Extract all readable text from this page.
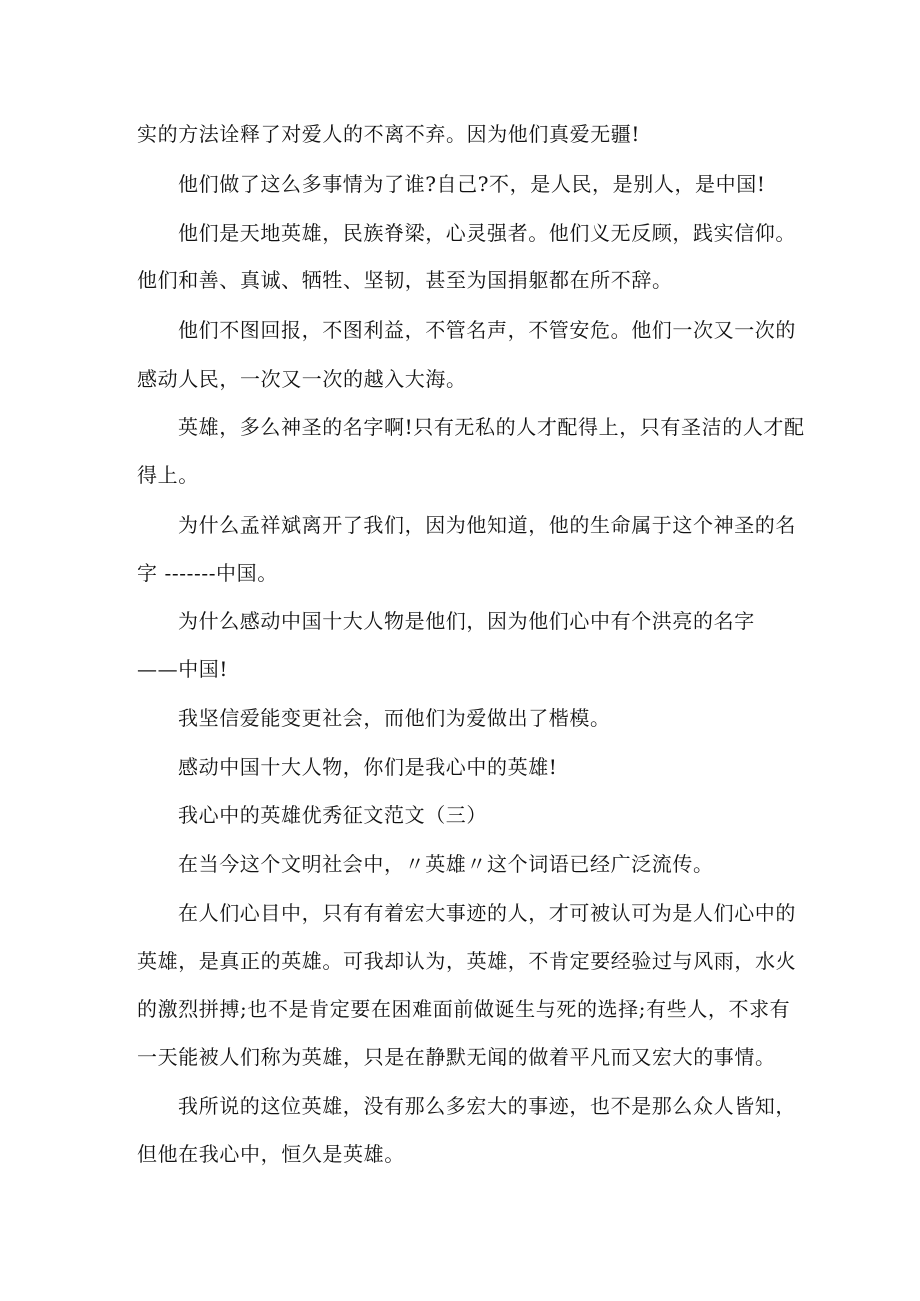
实的方法诠释了对爱人的不离不弃。因为他们真爱无疆!
他们做了这么多事情为了谁?自己?不，是人民，是别人，是中国!
他们是天地英雄，民族脊梁，心灵强者。他们义无反顾，践实信仰。
他们和善、真诚、牺牲、坚韧，甚至为国捐躯都在所不辞。
他们不图回报，不图利益，不管名声，不管安危。他们一次又一次的
感动人民，一次又一次的越入大海。
英雄，多么神圣的名字啊!只有无私的人才配得上，只有圣洁的人才配
得上。
为什么孟祥斌离开了我们，因为他知道，他的生命属于这个神圣的名
字 -------中国。
为什么感动中国十大人物是他们，因为他们心中有个洪亮的名字
——中国!
我坚信爱能变更社会，而他们为爱做出了楷模。
感动中国十大人物，你们是我心中的英雄!
我心中的英雄优秀征文范文（三）
在当今这个文明社会中，〃英雄〃这个词语已经广泛流传。
在人们心目中，只有有着宏大事迹的人，才可被认可为是人们心中的
英雄，是真正的英雄。可我却认为，英雄，不肯定要经验过与风雨，水火
的激烈拼搏;也不是肯定要在困难面前做诞生与死的选择;有些人，不求有
一天能被人们称为英雄，只是在静默无闻的做着平凡而又宏大的事情。
我所说的这位英雄，没有那么多宏大的事迹，也不是那么众人皆知，
但他在我心中，恒久是英雄。
